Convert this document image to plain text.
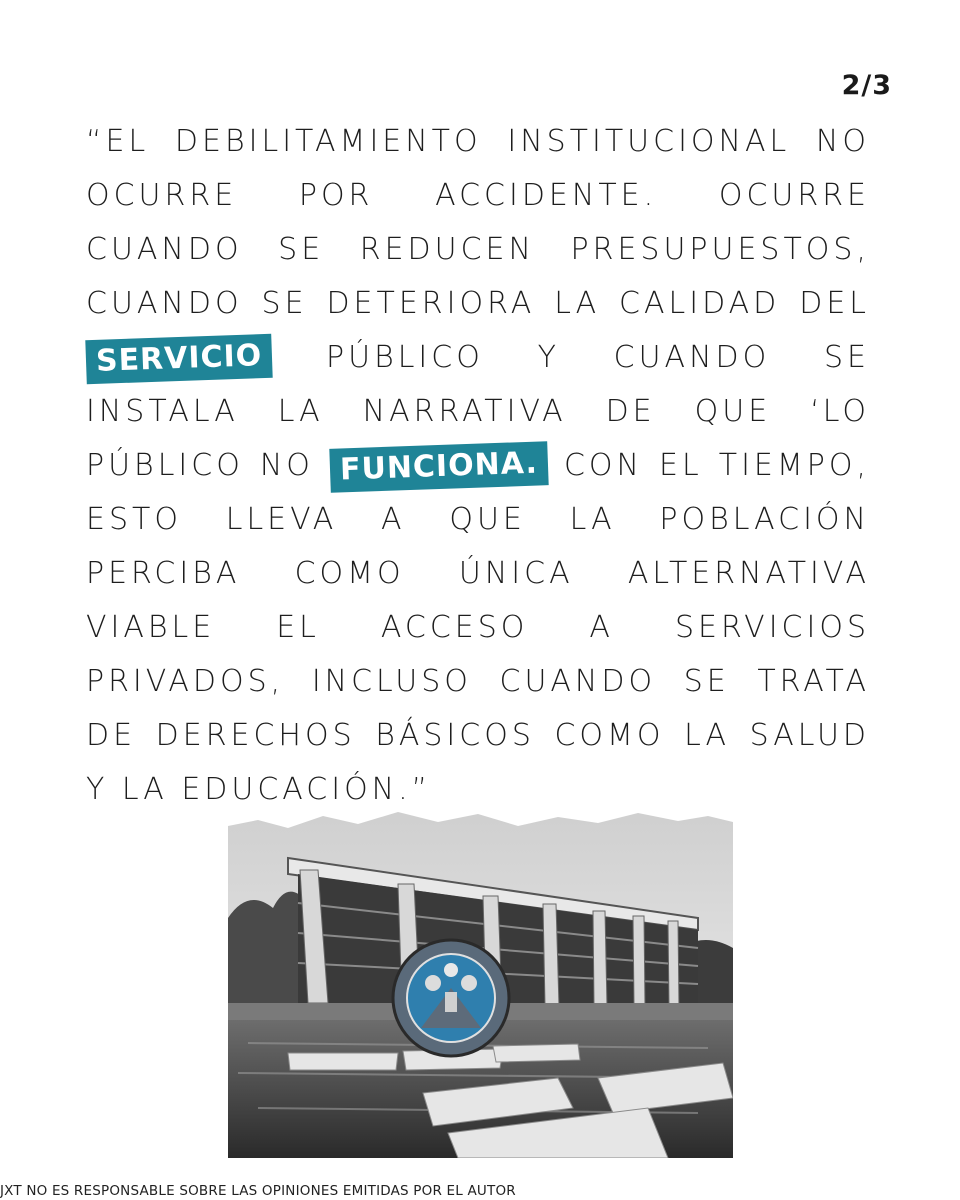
2/3

“EL DEBILITAMIENTO INSTITUCIONAL NO OCURRE POR ACCIDENTE. OCURRE CUANDO SE REDUCEN PRESUPUESTOS, CUANDO SE DETERIORA LA CALIDAD DEL SERVICIO PÚBLICO Y CUANDO SE INSTALA LA NARRATIVA DE QUE ‘LO PÚBLICO NO FUNCIONA. CON EL TIEMPO, ESTO LLEVA A QUE LA POBLACIÓN PERCIBA COMO ÚNICA ALTERNATIVA VIABLE EL ACCESO A SERVICIOS PRIVADOS, INCLUSO CUANDO SE TRATA DE DERECHOS BÁSICOS COMO LA SALUD Y LA EDUCACIÓN.”

JXT NO ES RESPONSABLE SOBRE LAS OPINIONES EMITIDAS POR EL AUTOR
